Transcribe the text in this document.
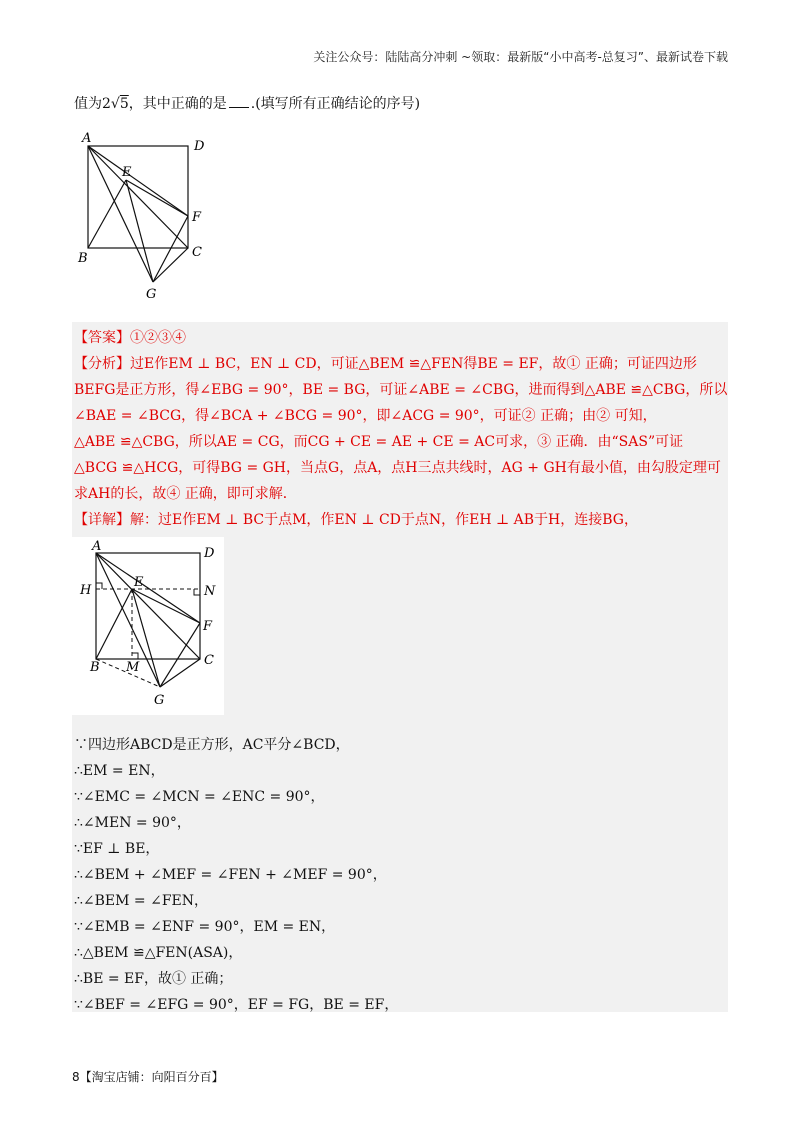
关注公众号：陆陆高分冲刺 ~领取：最新版“小中高考-总复习”、最新试卷下载
值为2√5，其中正确的是 .(填写所有正确结论的序号)
A
D
E
F
B	C
G
【答案】①②③④
【分析】过E作EM ⊥ BC，EN ⊥ CD，可证△BEM ≌△FEN得BE = EF，故① 正确；可证四边形
BEFG是正方形，得∠EBG = 90°，BE = BG，可证∠ABE = ∠CBG，进而得到△ABE ≌△CBG，所以
∠BAE = ∠BCG，得∠BCA + ∠BCG = 90°，即∠ACG = 90°，可证② 正确；由② 可知，
△ABE ≌△CBG，所以AE = CG，而CG + CE = AE + CE = AC可求，③ 正确．由“SAS”可证
△BCG ≌△HCG，可得BG = GH，当点G，点A，点H三点共线时，AG + GH有最小值，由勾股定理可
求AH的长，故④ 正确，即可求解．
【详解】解：过E作EM ⊥ BC于点M，作EN ⊥ CD于点N，作EH ⊥ AB于H，连接BG，
A	D
H
E
N
F
B M	C
G
∵四边形ABCD是正方形，AC平分∠BCD，
∴EM = EN，
∵∠EMC = ∠MCN = ∠ENC = 90°，
∴∠MEN = 90°，
∵EF ⊥ BE，
∴∠BEM + ∠MEF = ∠FEN + ∠MEF = 90°，
∴∠BEM = ∠FEN，
∵∠EMB = ∠ENF = 90°，EM = EN，
∴△BEM ≌△FEN(ASA)，
∴BE = EF，故① 正确；
∵∠BEF = ∠EFG = 90°，EF = FG，BE = EF，
8【淘宝店铺：向阳百分百】
